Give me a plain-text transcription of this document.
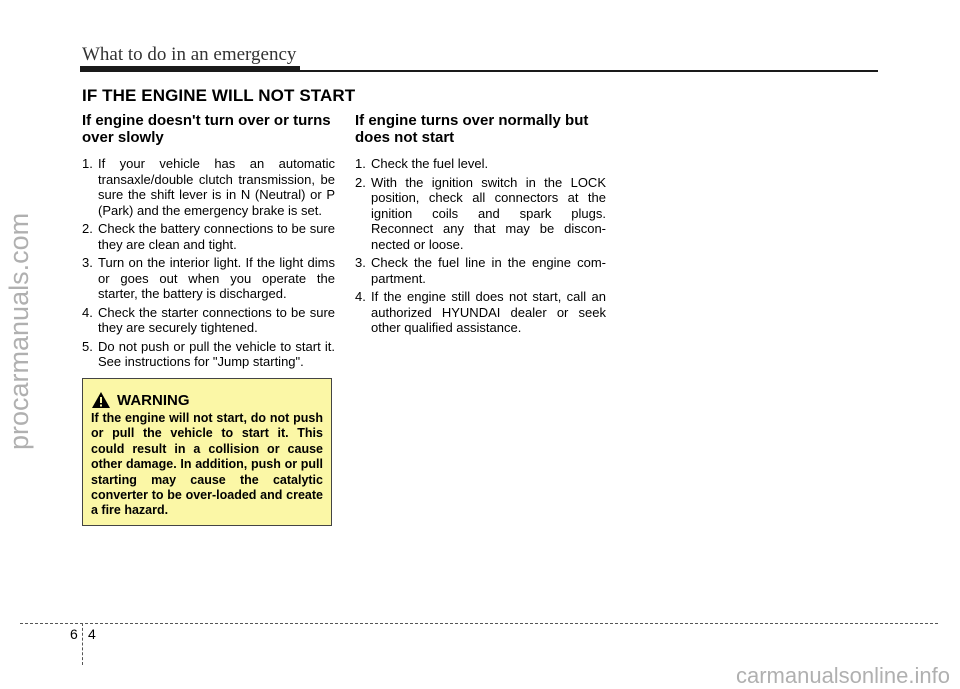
What to do in an emergency
IF THE ENGINE WILL NOT START
procarmanuals.com
If engine doesn't turn over or turns over slowly
1. If your vehicle has an automatic transaxle/double clutch transmission, be sure the shift lever is in N (Neutral) or P (Park) and the emergency brake is set.
2. Check the battery connections to be sure they are clean and tight.
3. Turn on the interior light. If the light dims or goes out when you operate the starter, the battery is discharged.
4. Check the starter connections to be sure they are securely tightened.
5. Do not push or pull the vehicle to start it. See instructions for "Jump starting".
WARNING
If the engine will not start, do not push or pull the vehicle to start it. This could result in a collision or cause other damage. In addition, push or pull starting may cause the catalytic converter to be over-loaded and create a fire hazard.
If engine turns over normally but does not start
1. Check the fuel level.
2. With the ignition switch in the LOCK position, check all connectors at the ignition coils and spark plugs. Reconnect any that may be discon-nected or loose.
3. Check the fuel line in the engine com-partment.
4. If the engine still does not start, call an authorized HYUNDAI dealer or seek other qualified assistance.
6 4
carmanualsonline.info
